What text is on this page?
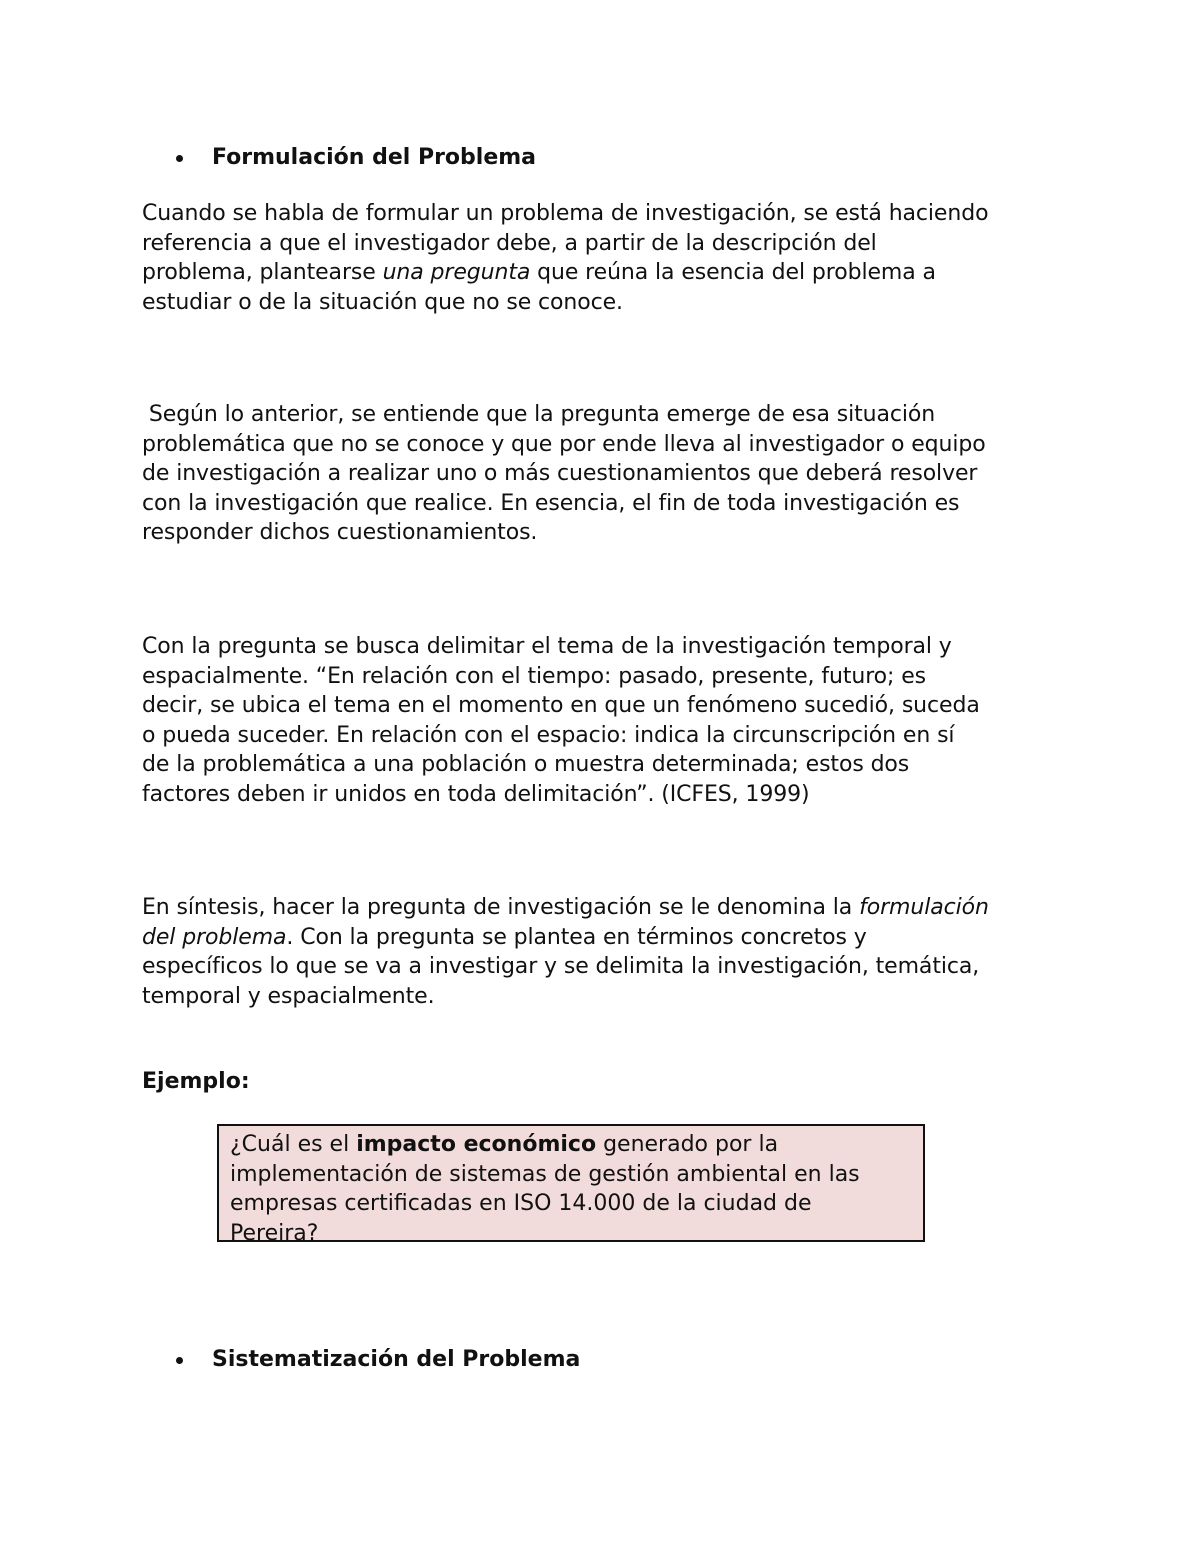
Formulación del Problema
Cuando se habla de formular un problema de investigación, se está haciendo
referencia a que el investigador debe, a partir de la descripción del
problema, plantearse una pregunta que reúna la esencia del problema a
estudiar o de la situación que no se conoce.
Según lo anterior, se entiende que la pregunta emerge de esa situación
problemática que no se conoce y que por ende lleva al investigador o equipo
de investigación a realizar uno o más cuestionamientos que deberá resolver
con la investigación que realice. En esencia, el fin de toda investigación es
responder dichos cuestionamientos.
Con la pregunta se busca delimitar el tema de la investigación temporal y
espacialmente. “En relación con el tiempo: pasado, presente, futuro; es
decir, se ubica el tema en el momento en que un fenómeno sucedió, suceda
o pueda suceder. En relación con el espacio: indica la circunscripción en sí
de la problemática a una población o muestra determinada; estos dos
factores deben ir unidos en toda delimitación”. (ICFES, 1999)
En síntesis, hacer la pregunta de investigación se le denomina la formulación
del problema. Con la pregunta se plantea en términos concretos y
específicos lo que se va a investigar y se delimita la investigación, temática,
temporal y espacialmente.
Ejemplo:
¿Cuál es el impacto económico generado por la
implementación de sistemas de gestión ambiental en las
empresas certificadas en ISO 14.000 de la ciudad de
Pereira?
Sistematización del Problema
